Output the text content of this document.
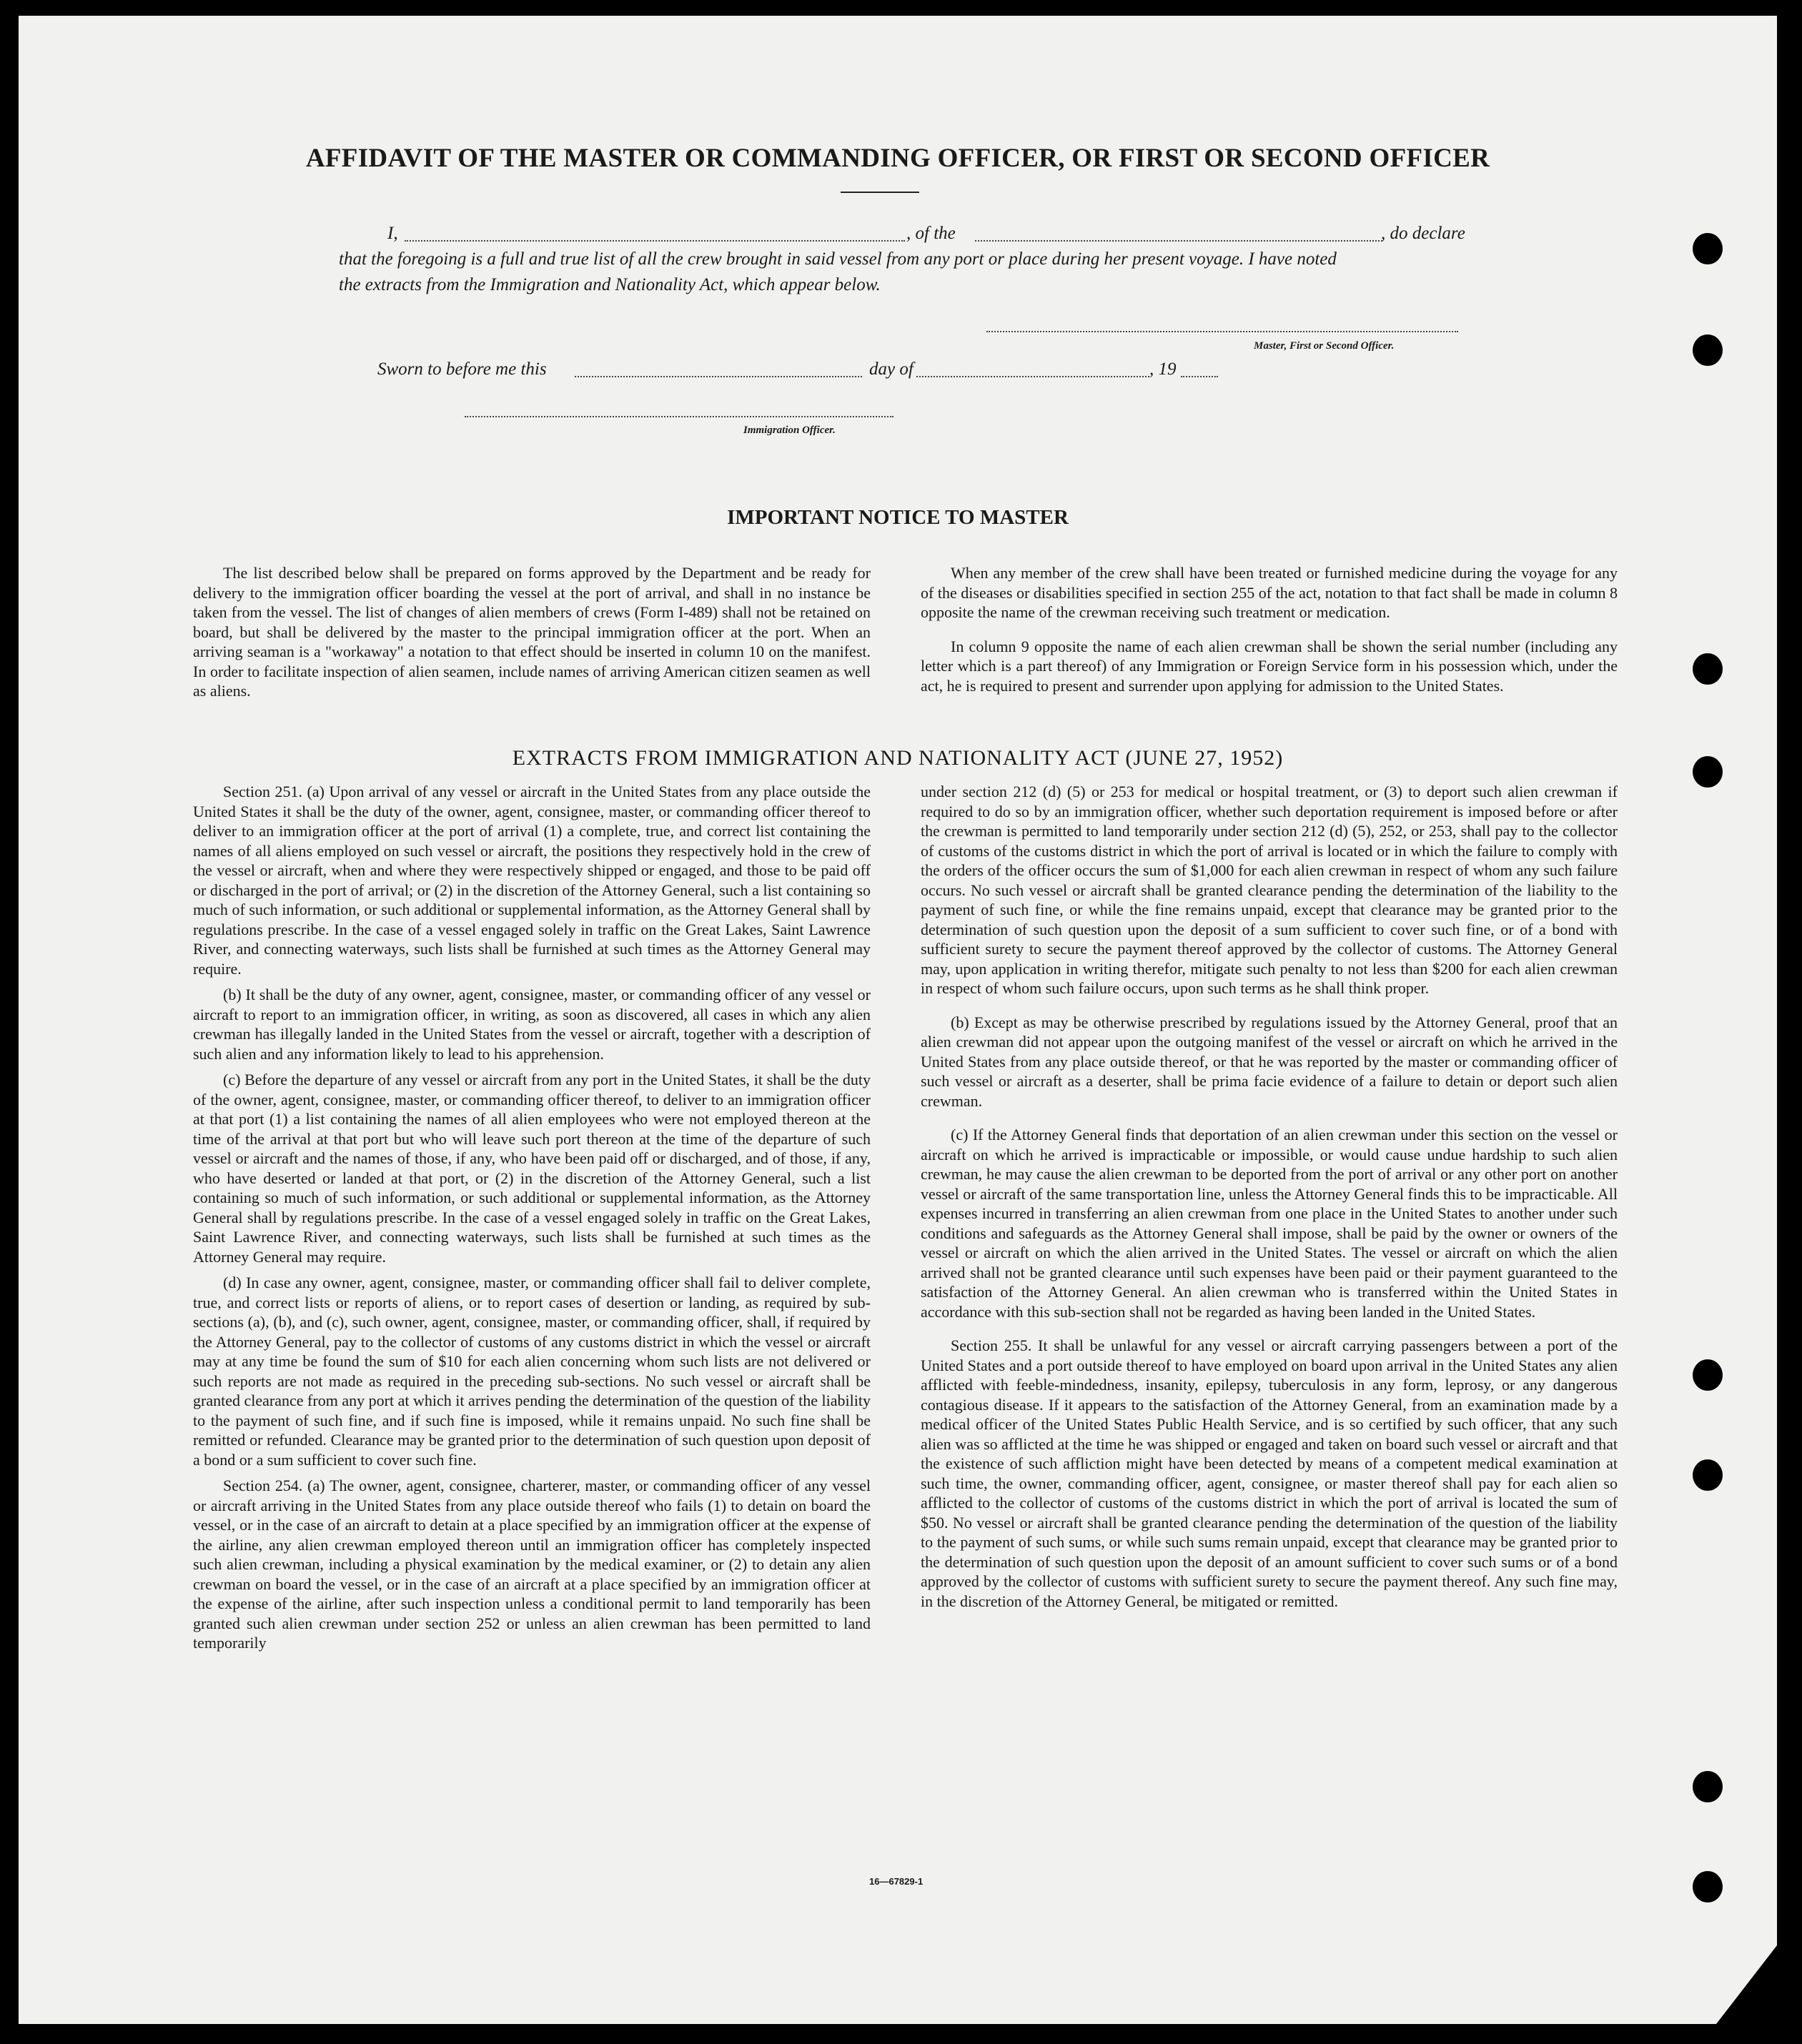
AFFIDAVIT OF THE MASTER OR COMMANDING OFFICER, OR FIRST OR SECOND OFFICER
I,	, of the	, do declare
that the foregoing is a full and true list of all the crew brought in said vessel from any port or place during her present voyage. I have noted
the extracts from the Immigration and Nationality Act, which appear below.
Master, First or Second Officer.
Sworn to before me this	day of	, 19
Immigration Officer.
IMPORTANT NOTICE TO MASTER

The list described below shall be prepared on forms approved by the Department and be ready for delivery to the immigration officer boarding the vessel at the port of arrival, and shall in no instance be taken from the vessel. The list of changes of alien members of crews (Form I-489) shall not be retained on board, but shall be delivered by the master to the principal immigration officer at the port. When an arriving seaman is a "workaway" a notation to that effect should be inserted in column 10 on the manifest. In order to facilitate inspection of alien seamen, include names of arriving American citizen seamen as well as aliens.

When any member of the crew shall have been treated or furnished medicine during the voyage for any of the diseases or disabilities specified in section 255 of the act, notation to that fact shall be made in column 8 opposite the name of the crewman receiving such treatment or medication.

In column 9 opposite the name of each alien crewman shall be shown the serial number (including any letter which is a part thereof) of any Immigration or Foreign Service form in his possession which, under the act, he is required to present and surrender upon applying for admission to the United States.

EXTRACTS FROM IMMIGRATION AND NATIONALITY ACT (JUNE 27, 1952)

Section 251. (a) Upon arrival of any vessel or aircraft in the United States from any place outside the United States it shall be the duty of the owner, agent, consignee, master, or commanding officer thereof to deliver to an immigration officer at the port of arrival (1) a complete, true, and correct list containing the names of all aliens employed on such vessel or aircraft, the positions they respectively hold in the crew of the vessel or aircraft, when and where they were respectively shipped or engaged, and those to be paid off or discharged in the port of arrival; or (2) in the discretion of the Attorney General, such a list containing so much of such information, or such additional or supplemental information, as the Attorney General shall by regulations prescribe. In the case of a vessel engaged solely in traffic on the Great Lakes, Saint Lawrence River, and connecting waterways, such lists shall be furnished at such times as the Attorney General may require.

(b) It shall be the duty of any owner, agent, consignee, master, or commanding officer of any vessel or aircraft to report to an immigration officer, in writing, as soon as discovered, all cases in which any alien crewman has illegally landed in the United States from the vessel or aircraft, together with a description of such alien and any information likely to lead to his apprehension.

(c) Before the departure of any vessel or aircraft from any port in the United States, it shall be the duty of the owner, agent, consignee, master, or commanding officer thereof, to deliver to an immigration officer at that port (1) a list containing the names of all alien employees who were not employed thereon at the time of the arrival at that port but who will leave such port thereon at the time of the departure of such vessel or aircraft and the names of those, if any, who have been paid off or discharged, and of those, if any, who have deserted or landed at that port, or (2) in the discretion of the Attorney General, such a list containing so much of such information, or such additional or supplemental information, as the Attorney General shall by regulations prescribe. In the case of a vessel engaged solely in traffic on the Great Lakes, Saint Lawrence River, and connecting waterways, such lists shall be furnished at such times as the Attorney General may require.

(d) In case any owner, agent, consignee, master, or commanding officer shall fail to deliver complete, true, and correct lists or reports of aliens, or to report cases of desertion or landing, as required by sub-sections (a), (b), and (c), such owner, agent, consignee, master, or commanding officer, shall, if required by the Attorney General, pay to the collector of customs of any customs district in which the vessel or aircraft may at any time be found the sum of $10 for each alien concerning whom such lists are not delivered or such reports are not made as required in the preceding sub-sections. No such vessel or aircraft shall be granted clearance from any port at which it arrives pending the determination of the question of the liability to the payment of such fine, and if such fine is imposed, while it remains unpaid. No such fine shall be remitted or refunded. Clearance may be granted prior to the determination of such question upon deposit of a bond or a sum sufficient to cover such fine.

Section 254. (a) The owner, agent, consignee, charterer, master, or commanding officer of any vessel or aircraft arriving in the United States from any place outside thereof who fails (1) to detain on board the vessel, or in the case of an aircraft to detain at a place specified by an immigration officer at the expense of the airline, any alien crewman employed thereon until an immigration officer has completely inspected such alien crewman, including a physical examination by the medical examiner, or (2) to detain any alien crewman on board the vessel, or in the case of an aircraft at a place specified by an immigration officer at the expense of the airline, after such inspection unless a conditional permit to land temporarily has been granted such alien crewman under section 252 or unless an alien crewman has been permitted to land temporarily

under section 212 (d) (5) or 253 for medical or hospital treatment, or (3) to deport such alien crewman if required to do so by an immigration officer, whether such deportation requirement is imposed before or after the crewman is permitted to land temporarily under section 212 (d) (5), 252, or 253, shall pay to the collector of customs of the customs district in which the port of arrival is located or in which the failure to comply with the orders of the officer occurs the sum of $1,000 for each alien crewman in respect of whom any such failure occurs. No such vessel or aircraft shall be granted clearance pending the determination of the liability to the payment of such fine, or while the fine remains unpaid, except that clearance may be granted prior to the determination of such question upon the deposit of a sum sufficient to cover such fine, or of a bond with sufficient surety to secure the payment thereof approved by the collector of customs. The Attorney General may, upon application in writing therefor, mitigate such penalty to not less than $200 for each alien crewman in respect of whom such failure occurs, upon such terms as he shall think proper.

(b) Except as may be otherwise prescribed by regulations issued by the Attorney General, proof that an alien crewman did not appear upon the outgoing manifest of the vessel or aircraft on which he arrived in the United States from any place outside thereof, or that he was reported by the master or commanding officer of such vessel or aircraft as a deserter, shall be prima facie evidence of a failure to detain or deport such alien crewman.

(c) If the Attorney General finds that deportation of an alien crewman under this section on the vessel or aircraft on which he arrived is impracticable or impossible, or would cause undue hardship to such alien crewman, he may cause the alien crewman to be deported from the port of arrival or any other port on another vessel or aircraft of the same transportation line, unless the Attorney General finds this to be impracticable. All expenses incurred in transferring an alien crewman from one place in the United States to another under such conditions and safeguards as the Attorney General shall impose, shall be paid by the owner or owners of the vessel or aircraft on which the alien arrived in the United States. The vessel or aircraft on which the alien arrived shall not be granted clearance until such expenses have been paid or their payment guaranteed to the satisfaction of the Attorney General. An alien crewman who is transferred within the United States in accordance with this sub-section shall not be regarded as having been landed in the United States.

Section 255. It shall be unlawful for any vessel or aircraft carrying passengers between a port of the United States and a port outside thereof to have employed on board upon arrival in the United States any alien afflicted with feeble-mindedness, insanity, epilepsy, tuberculosis in any form, leprosy, or any dangerous contagious disease. If it appears to the satisfaction of the Attorney General, from an examination made by a medical officer of the United States Public Health Service, and is so certified by such officer, that any such alien was so afflicted at the time he was shipped or engaged and taken on board such vessel or aircraft and that the existence of such affliction might have been detected by means of a competent medical examination at such time, the owner, commanding officer, agent, consignee, or master thereof shall pay for each alien so afflicted to the collector of customs of the customs district in which the port of arrival is located the sum of $50. No vessel or aircraft shall be granted clearance pending the determination of the question of the liability to the payment of such sums, or while such sums remain unpaid, except that clearance may be granted prior to the determination of such question upon the deposit of an amount sufficient to cover such sums or of a bond approved by the collector of customs with sufficient surety to secure the payment thereof. Any such fine may, in the discretion of the Attorney General, be mitigated or remitted.

16—67829-1
